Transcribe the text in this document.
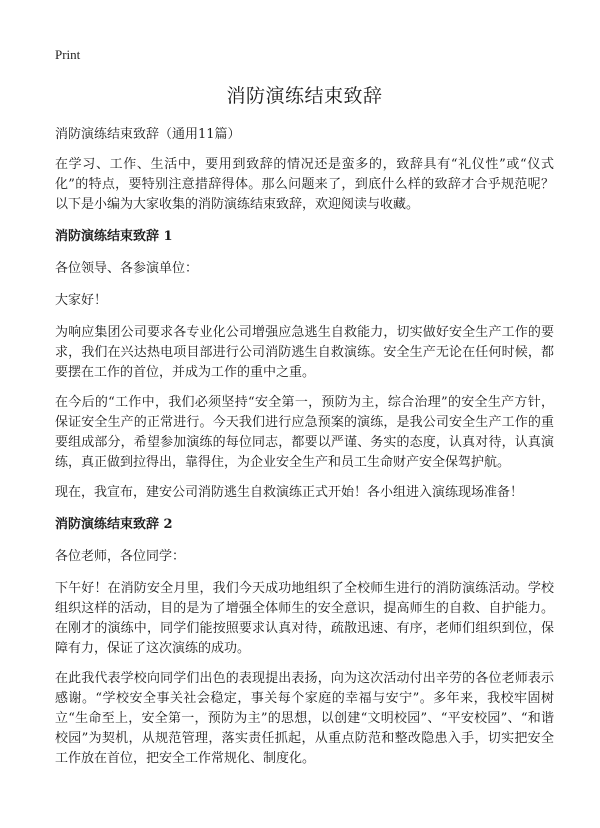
Print
消防演练结束致辞
消防演练结束致辞（通用11篇）

在学习、工作、生活中，要用到致辞的情况还是蛮多的，致辞具有“礼仪性”或“仪式化”的特点，要特别注意措辞得体。那么问题来了，到底什么样的致辞才合乎规范呢？以下是小编为大家收集的消防演练结束致辞，欢迎阅读与收藏。

消防演练结束致辞 1

各位领导、各参演单位：

大家好！

为响应集团公司要求各专业化公司增强应急逃生自救能力，切实做好安全生产工作的要求，我们在兴达热电项目部进行公司消防逃生自救演练。安全生产无论在任何时候，都要摆在工作的首位，并成为工作的重中之重。

在今后的“工作中，我们必须坚持“安全第一，预防为主，综合治理”的安全生产方针，保证安全生产的正常进行。今天我们进行应急预案的演练，是我公司安全生产工作的重要组成部分，希望参加演练的每位同志，都要以严谨、务实的态度，认真对待，认真演练，真正做到拉得出，靠得住，为企业安全生产和员工生命财产安全保驾护航。

现在，我宣布，建安公司消防逃生自救演练正式开始！各小组进入演练现场准备！

消防演练结束致辞 2

各位老师，各位同学：

下午好！在消防安全月里，我们今天成功地组织了全校师生进行的消防演练活动。学校组织这样的活动，目的是为了增强全体师生的安全意识，提高师生的自救、自护能力。在刚才的演练中，同学们能按照要求认真对待，疏散迅速、有序，老师们组织到位，保障有力，保证了这次演练的成功。

在此我代表学校向同学们出色的表现提出表扬，向为这次活动付出辛劳的各位老师表示感谢。“学校安全事关社会稳定，事关每个家庭的幸福与安宁”。多年来，我校牢固树立“生命至上，安全第一，预防为主”的思想，以创建“文明校园”、“平安校园”、“和谐校园”为契机，从规范管理，落实责任抓起，从重点防范和整改隐患入手，切实把安全工作放在首位，把安全工作常规化、制度化。
